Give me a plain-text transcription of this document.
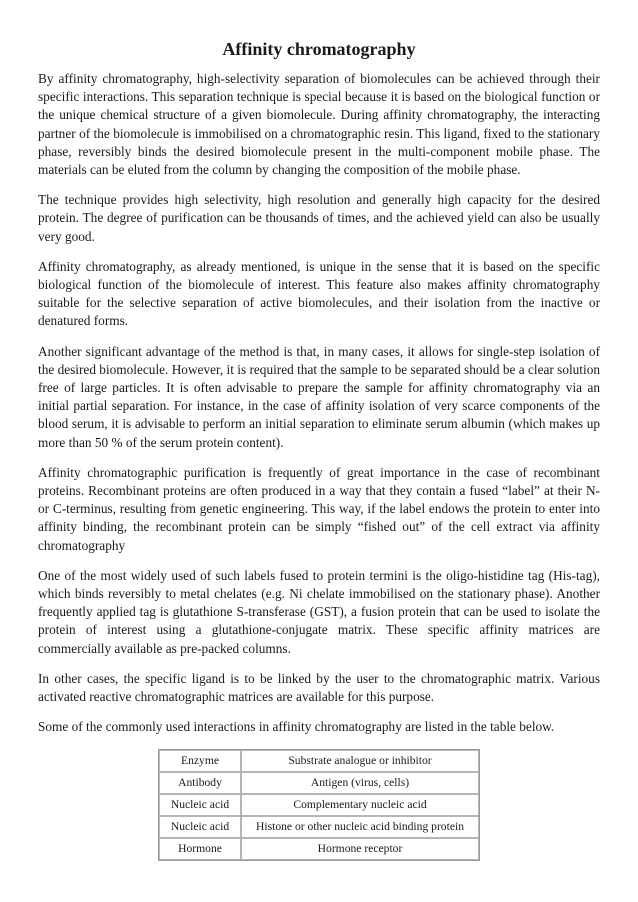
Affinity chromatography

By affinity chromatography, high-selectivity separation of biomolecules can be achieved through their specific interactions. This separation technique is special because it is based on the biological function or the unique chemical structure of a given biomolecule. During affinity chromatography, the interacting partner of the biomolecule is immobilised on a chromatographic resin. This ligand, fixed to the stationary phase, reversibly binds the desired biomolecule present in the multi-component mobile phase. The materials can be eluted from the column by changing the composition of the mobile phase.

The technique provides high selectivity, high resolution and generally high capacity for the desired protein. The degree of purification can be thousands of times, and the achieved yield can also be usually very good.

Affinity chromatography, as already mentioned, is unique in the sense that it is based on the specific biological function of the biomolecule of interest. This feature also makes affinity chromatography suitable for the selective separation of active biomolecules, and their isolation from the inactive or denatured forms.

Another significant advantage of the method is that, in many cases, it allows for single-step isolation of the desired biomolecule. However, it is required that the sample to be separated should be a clear solution free of large particles. It is often advisable to prepare the sample for affinity chromatography via an initial partial separation. For instance, in the case of affinity isolation of very scarce components of the blood serum, it is advisable to perform an initial separation to eliminate serum albumin (which makes up more than 50 % of the serum protein content).

Affinity chromatographic purification is frequently of great importance in the case of recombinant proteins. Recombinant proteins are often produced in a way that they contain a fused “label” at their N- or C-terminus, resulting from genetic engineering. This way, if the label endows the protein to enter into affinity binding, the recombinant protein can be simply “fished out” of the cell extract via affinity chromatography

One of the most widely used of such labels fused to protein termini is the oligo-histidine tag (His-tag), which binds reversibly to metal chelates (e.g. Ni chelate immobilised on the stationary phase). Another frequently applied tag is glutathione S-transferase (GST), a fusion protein that can be used to isolate the protein of interest using a glutathione-conjugate matrix. These specific affinity matrices are commercially available as pre-packed columns.

In other cases, the specific ligand is to be linked by the user to the chromatographic matrix. Various activated reactive chromatographic matrices are available for this purpose.

Some of the commonly used interactions in affinity chromatography are listed in the table below.

Enzyme	Substrate analogue or inhibitor
Antibody	Antigen (virus, cells)
Nucleic acid	Complementary nucleic acid
Nucleic acid	Histone or other nucleic acid binding protein
Hormone	Hormone receptor
